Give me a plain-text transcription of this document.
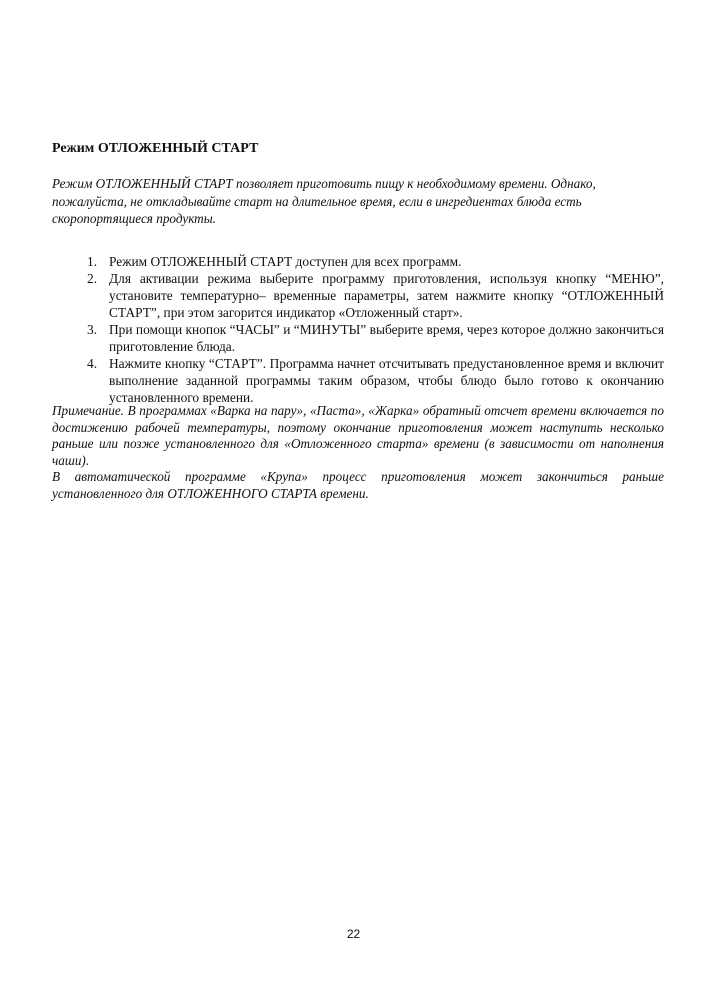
Режим ОТЛОЖЕННЫЙ СТАРТ

Режим ОТЛОЖЕННЫЙ СТАРТ позволяет приготовить пищу к необходимому времени. Однако, пожалуйста, не откладывайте старт на длительное время, если в ингредиентах блюда есть скоропортящиеся продукты.

1. Режим ОТЛОЖЕННЫЙ СТАРТ доступен для всех программ.
2. Для активации режима выберите программу приготовления, используя кнопку “МЕНЮ”, установите температурно– временные параметры, затем нажмите кнопку “ОТЛОЖЕННЫЙ СТАРТ”, при этом загорится индикатор «Отложенный старт».
3. При помощи кнопок “ЧАСЫ” и “МИНУТЫ” выберите время, через которое должно закончиться приготовление блюда.
4. Нажмите кнопку “СТАРТ”. Программа начнет отсчитывать предустановленное время и включит выполнение заданной программы таким образом, чтобы блюдо было готово к окончанию установленного времени.

Примечание. В программах «Варка на пару», «Паста», «Жарка» обратный отсчет времени включается по достижению рабочей температуры, поэтому окончание приготовления может наступить несколько раньше или позже установленного для «Отложенного старта» времени (в зависимости от наполнения чаши).

В автоматической программе «Крупа» процесс приготовления может закончиться раньше установленного для ОТЛОЖЕННОГО СТАРТА времени.

22
